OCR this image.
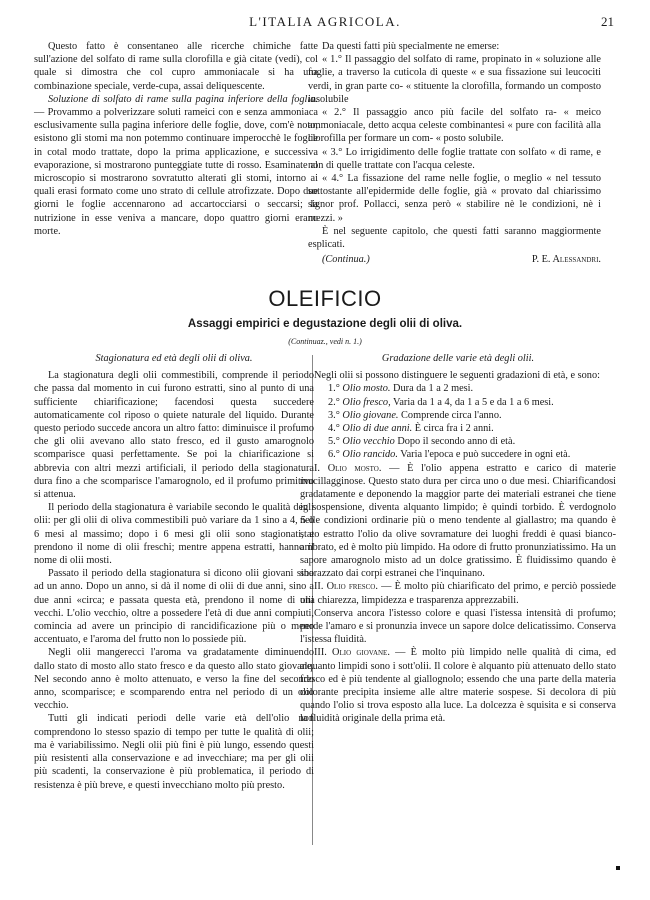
L'ITALIA AGRICOLA.	21

Questo fatto è consentaneo alle ricerche chimiche fatte sull'azione del solfato di rame sulla clorofilla e già citate (vedi), col quale si dimostra che col cupro ammoniacale si ha una combinazione speciale, verde-cupa, assai deliquescente.

Soluzione di solfato di rame sulla pagina inferiore della foglia. — Provammo a polverizzare soluti rameici con e senza ammoniaca esclusivamente sulla pagina inferiore delle foglie, dove, com'è noto, esistono gli stomi ma non potemmo continuare imperocchè le foglie in cotal modo trattate, dopo la prima applicazione, e successiva evaporazione, si mostrarono punteggiate tutte di rosso. Esaminate al microscopio si mostrarono sovratutto alterati gli stomi, intorno ai quali erasi formato come uno strato di cellule atrofizzate. Dopo due giorni le foglie accennarono ad accartocciarsi o seccarsi; la nutrizione in esse veniva a mancare, dopo quattro giorni erano morte.

Da questi fatti più specialmente ne emerse:

« 1.° Il passaggio del solfato di rame, propinato in « soluzione alle foglie, a traverso la cuticola di queste « e sua fissazione sui leucociti verdi, in gran parte co- « stituente la clorofilla, formando un composto insolubile

« 2.° Il passaggio anco più facile del solfato ra- « meico ammoniacale, detto acqua celeste combinantesi « pure con facilità alla clorofilla per formare un com- « posto solubile.

« 3.° Lo irrigidimento delle foglie trattate con solfato « di rame, e non di quelle trattate con l'acqua celeste.

« 4.° La fissazione del rame nelle foglie, o meglio « nel tessuto sottostante all'epidermide delle foglie, già « provato dal chiarissimo signor prof. Pollacci, senza però « stabilire nè le condizioni, nè i mezzi. »

È nel seguente capitolo, che questi fatti saranno maggiormente esplicati.

(Continua.)	P. E. Alessandri.
OLEIFICIO
Assaggi empirici e degustazione degli olii di oliva.
(Continuaz., vedi n. 1.)
Stagionatura ed età degli olii di oliva.

La stagionatura degli olii commestibili, comprende il periodo che passa dal momento in cui furono estratti, sino al punto di una sufficiente chiarificazione; facendosi questa succedere automaticamente col riposo o quiete naturale del liquido. Durante questo periodo succede ancora un altro fatto: diminuisce il profumo che gli olii avevano allo stato fresco, ed il gusto amarognolo scomparisce quasi perfettamente. Se poi la chiarificazione si abbrevia con altri mezzi artificiali, il periodo della stagionatura dura fino a che scomparisce l'amarognolo, ed il profumo primitivo si attenua.

Il periodo della stagionatura è variabile secondo le qualità degli olii: per gli olii di oliva commestibili può variare da 1 sino a 4, 5 o 6 mesi al massimo; dopo i 6 mesi gli olii sono stagionati, e prendono il nome di olii freschi; mentre appena estratti, hanno il nome di olii mosti.

Passato il periodo della stagionatura si dicono olii giovani sino ad un anno. Dopo un anno, si dà il nome di olii di due anni, sino a due anni «circa; e passata questa età, prendono il nome di olii vecchi. L'olio vecchio, oltre a possedere l'età di due anni compiuti, comincia ad avere un principio di rancidificazione più o meno accentuato, e l'aroma del frutto non lo possiede più.

Negli olii mangerecci l'aroma va gradatamente diminuendo dallo stato di mosto allo stato fresco e da questo allo stato giovane. Nel secondo anno è molto attenuato, e verso la fine del secondo anno, scomparisce; e scomparendo entra nel periodo di un olio vecchio.

Tutti gli indicati periodi delle varie età dell'olio non comprendono lo stesso spazio di tempo per tutte le qualità di olii; ma è variabilissimo. Negli olii più fini è più lungo, essendo questi più resistenti alla conservazione e ad invecchiare; ma per gli olii più scadenti, la conservazione è più problematica, il periodo di resistenza è più breve, e questi invecchiano molto più presto.

Gradazione delle varie età degli olii.

Negli olii si possono distinguere le seguenti gradazioni di età, e sono:

1.° Olio mosto. Dura da 1 a 2 mesi.

2.° Olio fresco, Varia da 1 a 4, da 1 a 5 e da 1 a 6 mesi.

3.° Olio giovane. Comprende circa l'anno.

4.° Olio di due anni. È circa fra i 2 anni.

5.° Olio vecchio Dopo il secondo anno di età.

6.° Olio rancido. Varia l'epoca e può succedere in ogni età.

I. Olio mosto. — È l'olio appena estratto e carico di materie mucillagginose. Questo stato dura per circa uno o due mesi. Chiarificandosi gradatamente e deponendo la maggior parte dei materiali estranei che tiene in sospensione, diventa alquanto limpido; è quindi torbido. È verdognolo nelle condizioni ordinarie più o meno tendente al giallastro; ma quando è stato estratto l'olio da olive sovramature dei luoghi freddi è quasi bianco-ambrato, ed è molto più limpido. Ha odore di frutto pronunziatissimo. Ha un sapore amarognolo misto ad un dolce gratissimo. È fluidissimo quando è sbarazzato dai corpi estranei che l'inquinano.

II. Olio fresco. — È molto più chiarificato del primo, e perciò possiede una chiarezza, limpidezza e trasparenza apprezzabili.

Conserva ancora l'istesso colore e quasi l'istessa intensità di profumo; perde l'amaro e si pronunzia invece un sapore dolce delicatissimo. Conserva l'istessa fluidità.

III. Olio giovane. — È molto più limpido nelle qualità di cima, ed alquanto limpidi sono i sott'olii. Il colore è alquanto più attenuato dello stato fresco ed è più tendente al giallognolo; essendo che una parte della materia colorante precipita insieme alle altre materie sospese. Si decolora di più quando l'olio si trova esposto alla luce. La dolcezza è squisita e si conserva la fluidità originale della prima età.
